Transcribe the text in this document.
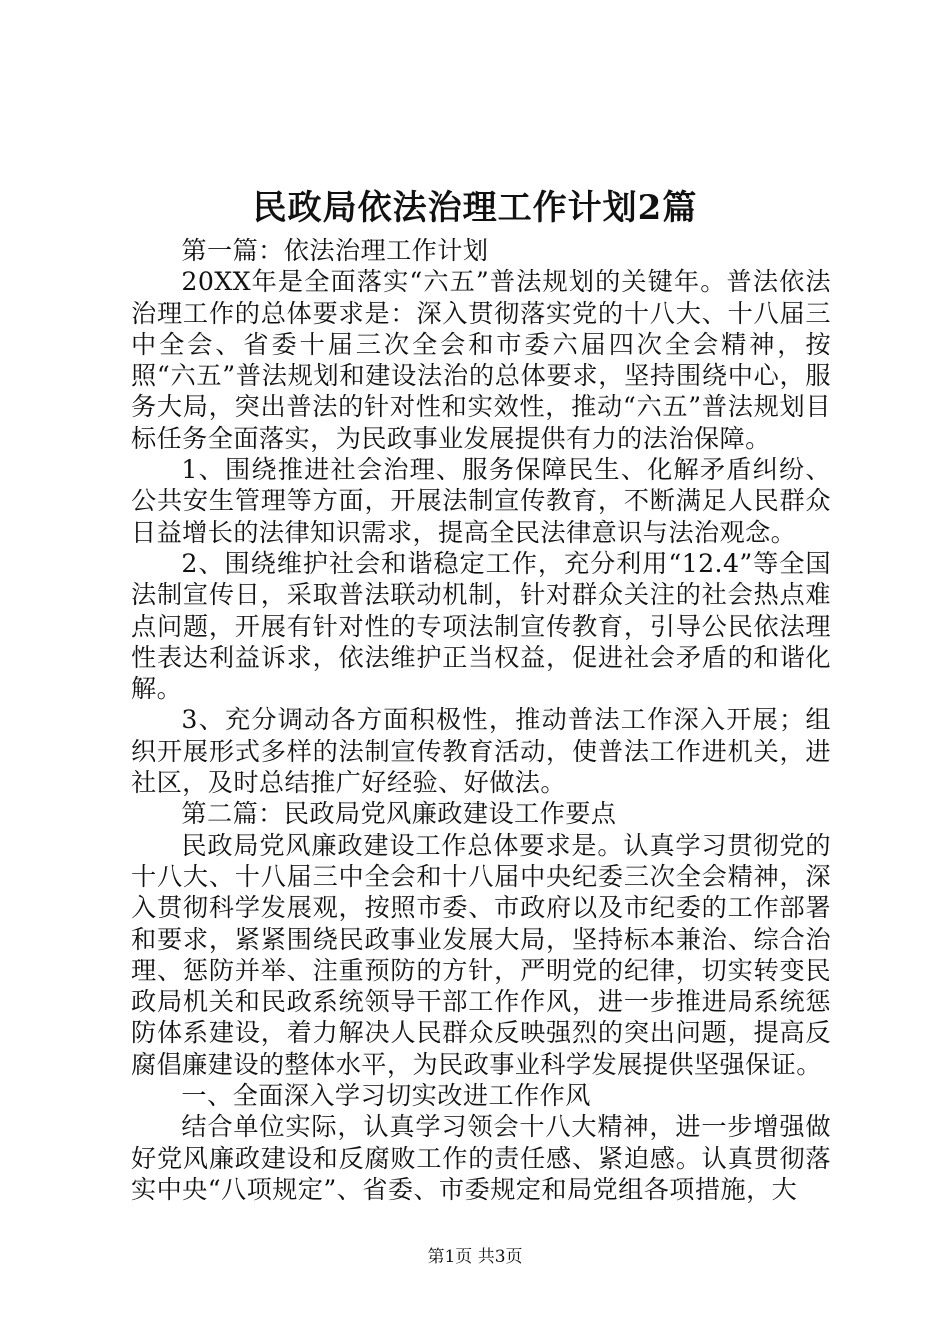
民政局依法治理工作计划2篇

第一篇：依法治理工作计划

20XX年是全面落实“六五”普法规划的关键年。普法依法治理工作的总体要求是：深入贯彻落实党的十八大、十八届三中全会、省委十届三次全会和市委六届四次全会精神，按照“六五”普法规划和建设法治的总体要求，坚持围绕中心，服务大局，突出普法的针对性和实效性，推动“六五”普法规划目标任务全面落实，为民政事业发展提供有力的法治保障。

1、围绕推进社会治理、服务保障民生、化解矛盾纠纷、公共安生管理等方面，开展法制宣传教育，不断满足人民群众日益增长的法律知识需求，提高全民法律意识与法治观念。

2、围绕维护社会和谐稳定工作，充分利用“12.4”等全国法制宣传日，采取普法联动机制，针对群众关注的社会热点难点问题，开展有针对性的专项法制宣传教育，引导公民依法理性表达利益诉求，依法维护正当权益，促进社会矛盾的和谐化解。

3、充分调动各方面积极性，推动普法工作深入开展；组织开展形式多样的法制宣传教育活动，使普法工作进机关，进社区，及时总结推广好经验、好做法。

第二篇：民政局党风廉政建设工作要点

民政局党风廉政建设工作总体要求是。认真学习贯彻党的十八大、十八届三中全会和十八届中央纪委三次全会精神，深入贯彻科学发展观，按照市委、市政府以及市纪委的工作部署和要求，紧紧围绕民政事业发展大局，坚持标本兼治、综合治理、惩防并举、注重预防的方针，严明党的纪律，切实转变民政局机关和民政系统领导干部工作作风，进一步推进局系统惩防体系建设，着力解决人民群众反映强烈的突出问题，提高反腐倡廉建设的整体水平，为民政事业科学发展提供坚强保证。

一、全面深入学习切实改进工作作风

结合单位实际，认真学习领会十八大精神，进一步增强做好党风廉政建设和反腐败工作的责任感、紧迫感。认真贯彻落实中央“八项规定”、省委、市委规定和局党组各项措施，大

第1页 共3页
